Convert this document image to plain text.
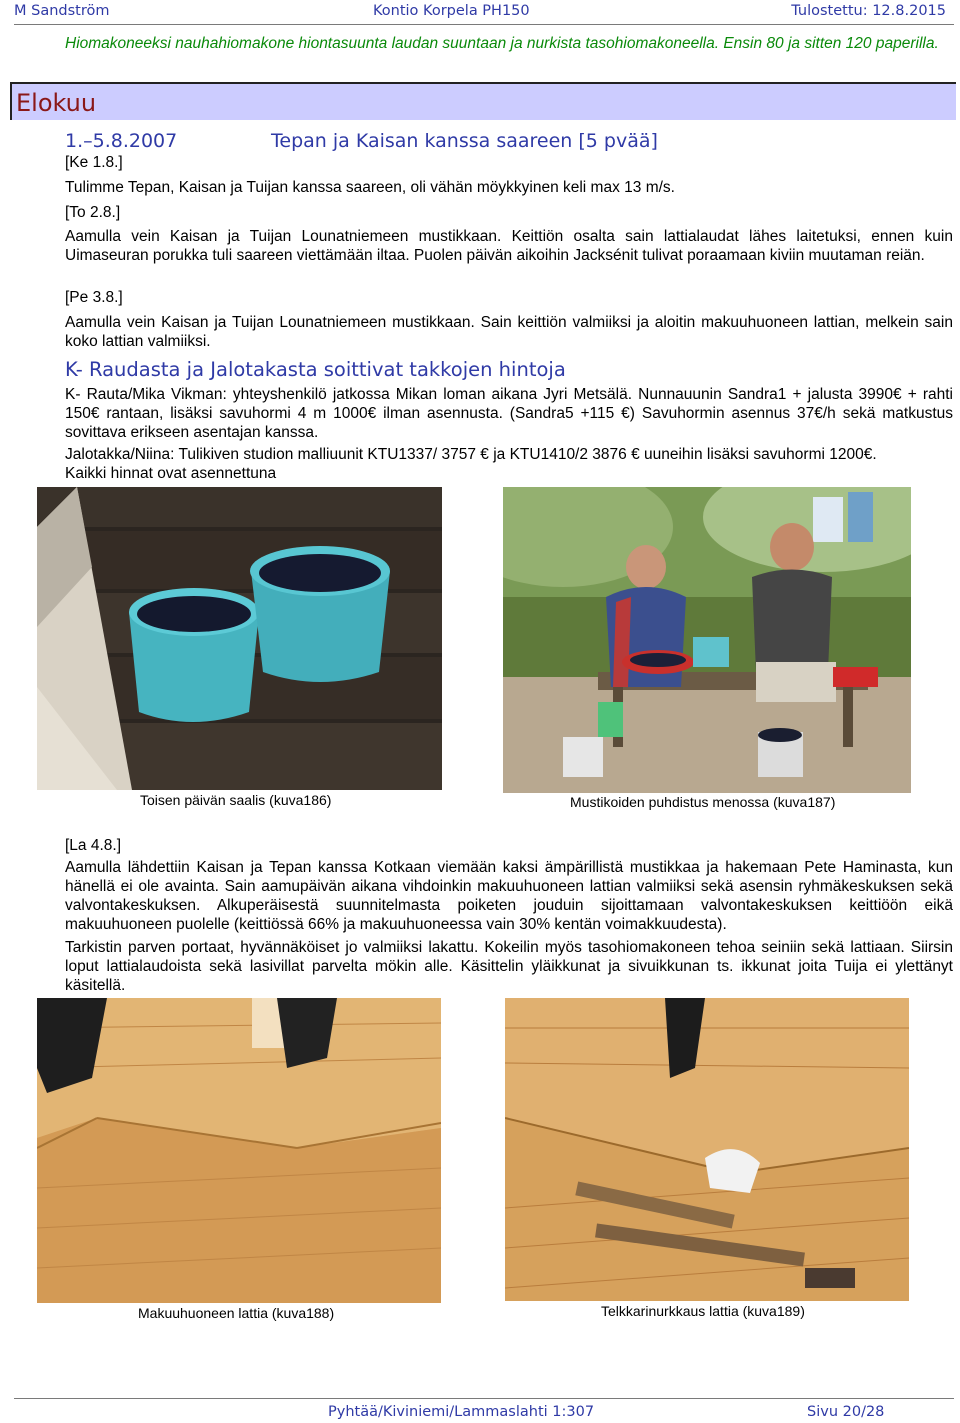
M Sandström	Kontio Korpela PH150	Tulostettu: 12.8.2015
Hiomakoneeksi nauhahiomakone hiontasuunta laudan suuntaan ja nurkista tasohiomakoneella. Ensin 80 ja sitten 120 paperilla.
Elokuu
1.–5.8.2007	Tepan ja Kaisan kanssa saareen [5 pvää]
[Ke 1.8.]
Tulimme Tepan, Kaisan ja Tuijan kanssa saareen, oli vähän möykkyinen keli max 13 m/s.
[To 2.8.]
Aamulla vein Kaisan ja Tuijan Lounatniemeen mustikkaan. Keittiön osalta sain lattialaudat lähes laitetuksi, ennen kuin Uimaseuran porukka tuli saareen viettämään iltaa. Puolen päivän aikoihin Jacksénit tulivat poraamaan kiviin muutaman reiän.
[Pe 3.8.]
Aamulla vein Kaisan ja Tuijan Lounatniemeen mustikkaan. Sain keittiön valmiiksi ja aloitin makuuhuoneen lattian, melkein sain koko lattian valmiiksi.
K- Raudasta ja Jalotakasta soittivat takkojen hintoja
K- Rauta/Mika Vikman: yhteyshenkilö jatkossa Mikan loman aikana Jyri Metsälä. Nunnauunin Sandra1 + jalusta 3990€ + rahti 150€ rantaan, lisäksi savuhormi 4 m 1000€ ilman asennusta. (Sandra5 +115 €) Savuhormin asennus 37€/h sekä matkustus sovittava erikseen asentajan kanssa.
Jalotakka/Niina: Tulikiven studion malliuunit KTU1337/ 3757 € ja KTU1410/2 3876 € uuneihin lisäksi savuhormi 1200€.
Kaikki hinnat ovat asennettuna
Toisen päivän saalis (kuva186)	Mustikoiden puhdistus menossa (kuva187)
[La 4.8.]
Aamulla lähdettiin Kaisan ja Tepan kanssa Kotkaan viemään kaksi ämpärillistä mustikkaa ja hakemaan Pete Haminasta, kun hänellä ei ole avainta. Sain aamupäivän aikana vihdoinkin makuuhuoneen lattian valmiiksi sekä asensin ryhmäkeskuksen sekä valvontakeskuksen. Alkuperäisestä suunnitelmasta poiketen jouduin sijoittamaan valvontakeskuksen keittiöön eikä makuuhuoneen puolelle (keittiössä 66% ja makuuhuoneessa vain 30% kentän voimakkuudesta).
Tarkistin parven portaat, hyvännäköiset jo valmiiksi lakattu. Kokeilin myös tasohiomakoneen tehoa seiniin sekä lattiaan. Siirsin loput lattialaudoista sekä lasivillat parvelta mökin alle. Käsittelin yläikkunat ja sivuikkunan ts. ikkunat joita Tuija ei ylettänyt käsitellä.
Makuuhuoneen lattia (kuva188)	Telkkarinurkkaus lattia (kuva189)
Pyhtää/Kiviniemi/Lammaslahti 1:307	Sivu 20/28
